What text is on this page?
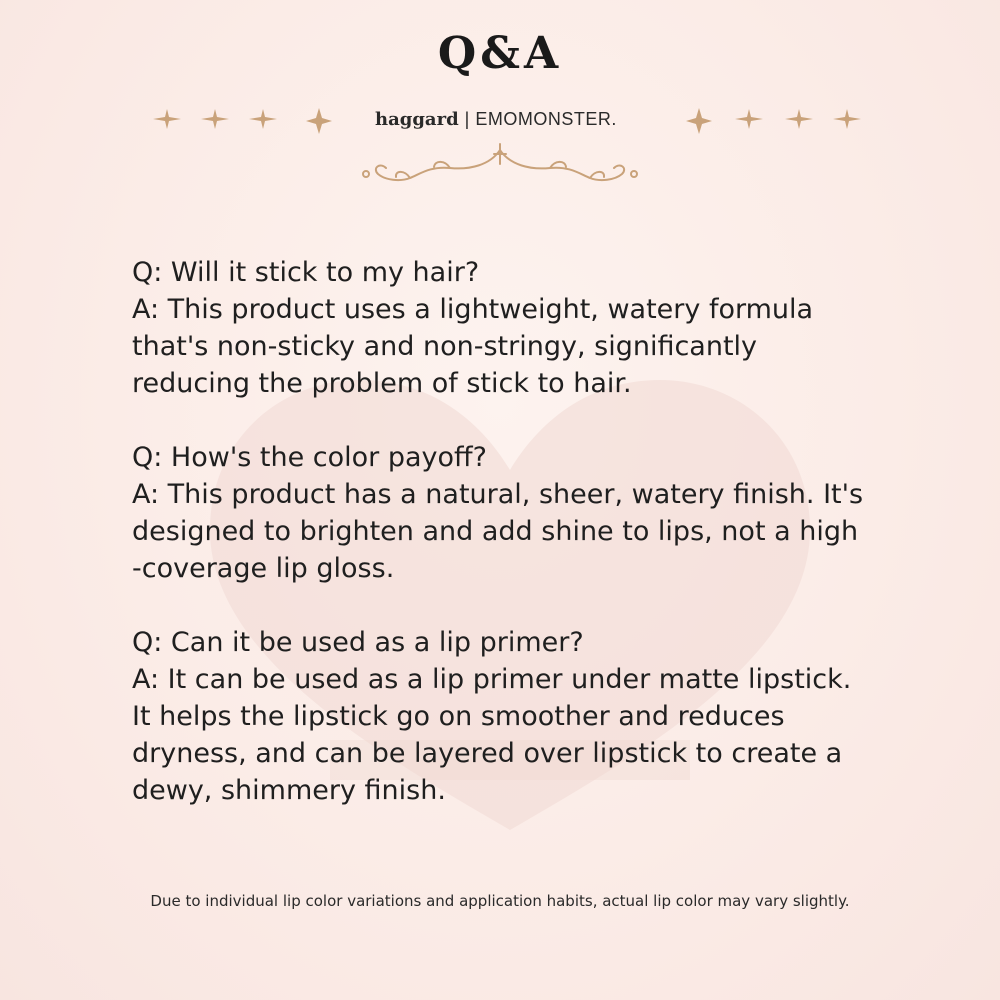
Q&A
haggard | EMOMONSTER.
Q: Will it stick to my hair?
A: This product uses a lightweight, watery formula
that's non-sticky and non-stringy, significantly
reducing the problem of stick to hair.
Q: How's the color payoff?
A: This product has a natural, sheer, watery finish. It's
designed to brighten and add shine to lips, not a high
-coverage lip gloss.
Q: Can it be used as a lip primer?
A: It can be used as a lip primer under matte lipstick.
It helps the lipstick go on smoother and reduces
dryness, and can be layered over lipstick to create a
dewy, shimmery finish.
Due to individual lip color variations and application habits, actual lip color may vary slightly.
